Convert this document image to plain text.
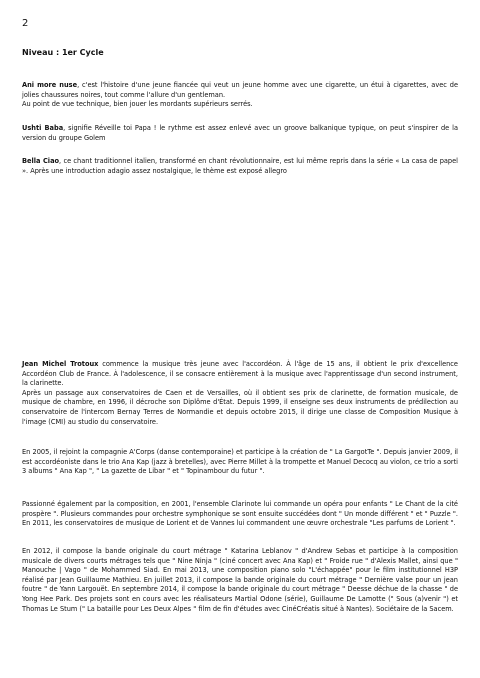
2
Niveau : 1er Cycle

Ani more nuse, c'est l'histoire d'une jeune fiancée qui veut un jeune homme avec une cigarette, un étui à cigarettes, avec de jolies chaussures noires, tout comme l'allure d'un gentleman.

Au point de vue technique, bien jouer les mordants supérieurs serrés.

Ushti Baba, signifie Réveille toi Papa ! le rythme est assez enlevé avec un groove balkanique typique, on peut s'inspirer de la version du groupe Golem

Bella Ciao, ce chant traditionnel italien, transformé en chant révolutionnaire, est lui même repris dans la série « La casa de papel ». Après une introduction adagio assez nostalgique, le thème est exposé allegro

Jean Michel Trotoux commence la musique très jeune avec l'accordéon. À l'âge de 15 ans, il obtient le prix d'excellence Accordéon Club de France. À l'adolescence, il se consacre entièrement à la musique avec l'apprentissage d'un second instrument, la clarinette.

Après un passage aux conservatoires de Caen et de Versailles, où il obtient ses prix de clarinette, de formation musicale, de musique de chambre, en 1996, il décroche son Diplôme d'État. Depuis 1999, il enseigne ses deux instruments de prédilection au conservatoire de l'intercom Bernay Terres de Normandie et depuis octobre 2015, il dirige une classe de Composition Musique à l'image (CMI) au studio du conservatoire.

En 2005, il rejoint la compagnie A'Corps (danse contemporaine) et participe à la création de " La GargotTe ". Depuis janvier 2009, il est accordéoniste dans le trio Ana Kap (jazz à bretelles), avec Pierre Millet à la trompette et Manuel Decocq au violon, ce trio a sorti 3 albums " Ana Kap ", " La gazette de Libar " et " Topinambour du futur ".

Passionné également par la composition, en 2001, l'ensemble Clarinote lui commande un opéra pour enfants " Le Chant de la cité prospère ". Plusieurs commandes pour orchestre symphonique se sont ensuite succédées dont " Un monde différent " et " Puzzle ". En 2011, les conservatoires de musique de Lorient et de Vannes lui commandent une œuvre orchestrale "Les parfums de Lorient ".

En 2012, il compose la bande originale du court métrage " Katarina Leblanov " d'Andrew Sebas et participe à la composition musicale de divers courts métrages tels que " Nine Ninja " (ciné concert avec Ana Kap) et " Froide rue " d'Alexis Mallet, ainsi que " Manouche | Vago " de Mohammed Siad. En mai 2013, une composition piano solo "L'échappée" pour le film institutionnel H3P réalisé par Jean Guillaume Mathieu. En juillet 2013, il compose la bande originale du court métrage " Dernière valse pour un jean foutre " de Yann Largouët. En septembre 2014, il compose la bande originale du court métrage " Deesse déchue de la chasse " de Yong Hee Park. Des projets sont en cours avec les réalisateurs Martial Odone (série), Guillaume De Lamotte (" Sous (a)venir ") et Thomas Le Stum (" La bataille pour Les Deux Alpes " film de fin d'études avec CinéCréatis situé à Nantes). Sociétaire de la Sacem.
